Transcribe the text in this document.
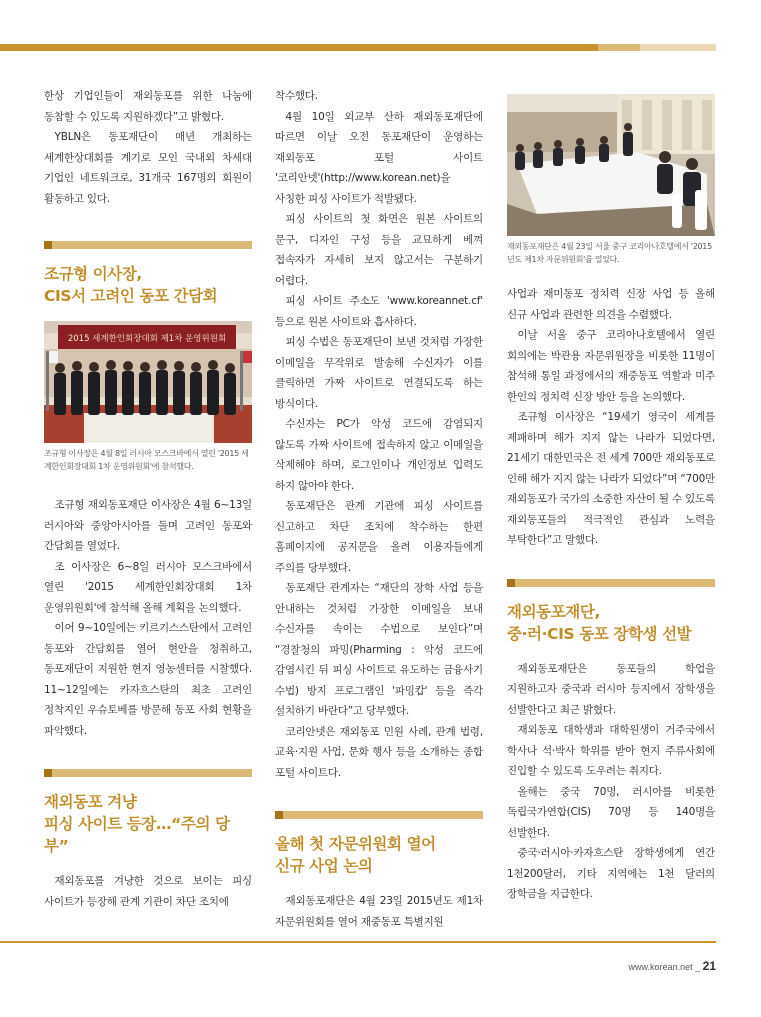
한상 기업인들이 재외동포를 위한 나눔에 동참할 수 있도록 지원하겠다”고 밝혔다.

YBLN은 동포재단이 매년 개최하는 세계한상대회를 계기로 모인 국내외 차세대 기업인 네트워크로, 31개국 167명의 회원이 활동하고 있다.

조규형 이사장,
CIS서 고려인 동포 간담회
2015 세계한인회장대회 제1차 운영위원회
조규형 이사장은 4월 8일 러시아 모스크바에서 열린 '2015 세계한인회장대회 1차 운영위원회'에 참석했다.

조규형 재외동포재단 이사장은 4월 6~13일 러시아와 중앙아시아를 돌며 고려인 동포와 간담회를 열었다.

조 이사장은 6~8일 러시아 모스크바에서 열린 '2015 세계한인회장대회 1차 운영위원회'에 참석해 올해 계획을 논의했다.

이어 9~10일에는 키르기스스탄에서 고려인 동포와 간담회를 열어 현안을 청취하고, 동포재단이 지원한 현지 영농센터를 시찰했다. 11~12일에는 카자흐스탄의 최초 고려인 정착지인 우슈토베를 방문해 동포 사회 현황을 파악했다.

재외동포 겨냥
피싱 사이트 등장…“주의 당부”

재외동포를 겨냥한 것으로 보이는 피싱 사이트가 등장해 관계 기관이 차단 조치에

착수했다.

4월 10일 외교부 산하 재외동포재단에 따르면 이날 오전 동포재단이 운영하는 재외동포 포털 사이트 '코리안넷'(http://www.korean.net)을 사칭한 피싱 사이트가 적발됐다.

피싱 사이트의 첫 화면은 원본 사이트의 문구, 디자인 구성 등을 교묘하게 베껴 접속자가 자세히 보지 않고서는 구분하기 어렵다.

피싱 사이트 주소도 'www.koreannet.cf' 등으로 원본 사이트와 흡사하다.

피싱 수법은 동포재단이 보낸 것처럼 가장한 이메일을 무작위로 발송해 수신자가 이를 클릭하면 가짜 사이트로 연결되도록 하는 방식이다.

수신자는 PC가 악성 코드에 감염되지 않도록 가짜 사이트에 접속하지 않고 이메일을 삭제해야 하며, 로그인이나 개인정보 입력도 하지 않아야 한다.

동포재단은 관계 기관에 피싱 사이트를 신고하고 차단 조치에 착수하는 한편 홈페이지에 공지문을 올려 이용자들에게 주의를 당부했다.

동포재단 관계자는 “재단의 장학 사업 등을 안내하는 것처럼 가장한 이메일을 보내 수신자를 속이는 수법으로 보인다”며 “경찰청의 파밍(Pharming : 악성 코드에 감염시킨 뒤 피싱 사이트로 유도하는 금융사기 수법) 방지 프로그램인 '파밍캅' 등을 즉각 설치하기 바란다”고 당부했다.

코리안넷은 재외동포 민원 사례, 관계 법령, 교육·지원 사업, 문화 행사 등을 소개하는 종합 포털 사이트다.

올해 첫 자문위원회 열어
신규 사업 논의

재외동포재단은 4월 23일 2015년도 제1차 자문위원회를 열어 재중동포 특별지원

재외동포재단은 4월 23일 서울 중구 코리아나호텔에서 '2015년도 제1차 자문위원회'를 열었다.

사업과 재미동포 정치력 신장 사업 등 올해 신규 사업과 관련한 의견을 수렴했다.

이날 서울 중구 코리아나호텔에서 열린 회의에는 박관용 자문위원장을 비롯한 11명이 참석해 통일 과정에서의 재중동포 역할과 미주 한인의 정치력 신장 방안 등을 논의했다.

조규형 이사장은 “19세기 영국이 세계를 제패하며 해가 지지 않는 나라가 되었다면, 21세기 대한민국은 전 세계 700만 재외동포로 인해 해가 지지 않는 나라가 되었다”며 “700만 재외동포가 국가의 소중한 자산이 될 수 있도록 재외동포들의 적극적인 관심과 노력을 부탁한다”고 말했다.

재외동포재단,
중·러·CIS 동포 장학생 선발

재외동포재단은 동포들의 학업을 지원하고자 중국과 러시아 등지에서 장학생을 선발한다고 최근 밝혔다.

재외동포 대학생과 대학원생이 거주국에서 학사나 석·박사 학위를 받아 현지 주류사회에 진입할 수 있도록 도우려는 취지다.

올해는 중국 70명, 러시아를 비롯한 독립국가연합(CIS) 70명 등 140명을 선발한다.

중국·러시아·카자흐스탄 장학생에게 연간 1천200달러, 기타 지역에는 1천 달러의 장학금을 지급한다.

www.korean.net _ 21
